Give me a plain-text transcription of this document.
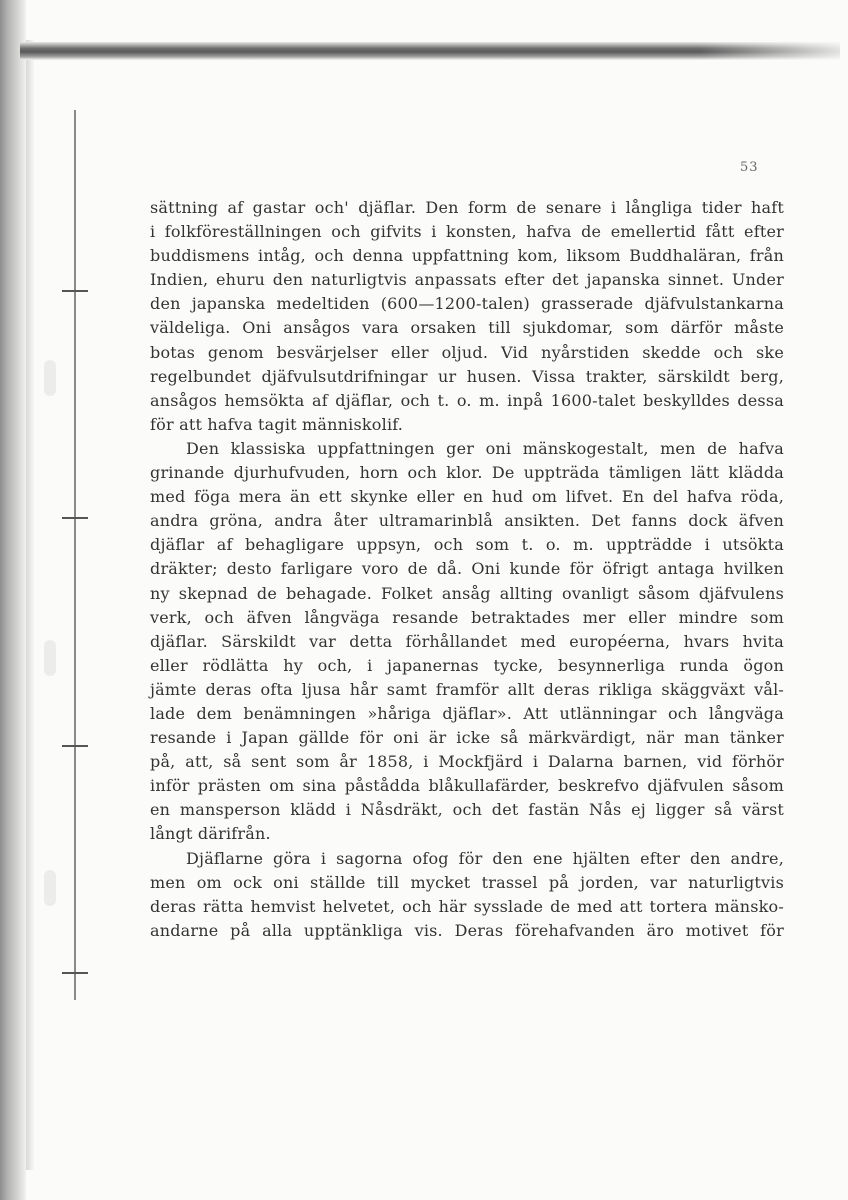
53
sättning af gastar och' djäflar. Den form de senare i långliga tider haft
i folkföreställningen och gifvits i konsten, hafva de emellertid fått efter
buddismens intåg, och denna uppfattning kom, liksom Buddhaläran, från
Indien, ehuru den naturligtvis anpassats efter det japanska sinnet. Under
den japanska medeltiden (600—1200-talen) grasserade djäfvulstankarna
väldeliga. Oni ansågos vara orsaken till sjukdomar, som därför måste
botas genom besvärjelser eller oljud. Vid nyårstiden skedde och ske
regelbundet djäfvulsutdrifningar ur husen. Vissa trakter, särskildt berg,
ansågos hemsökta af djäflar, och t. o. m. inpå 1600-talet beskylldes dessa
för att hafva tagit människolif.
Den klassiska uppfattningen ger oni mänskogestalt, men de hafva
grinande djurhufvuden, horn och klor. De uppträda tämligen lätt klädda
med föga mera än ett skynke eller en hud om lifvet. En del hafva röda,
andra gröna, andra åter ultramarinblå ansikten. Det fanns dock äfven
djäflar af behagligare uppsyn, och som t. o. m. uppträdde i utsökta
dräkter; desto farligare voro de då. Oni kunde för öfrigt antaga hvilken
ny skepnad de behagade. Folket ansåg allting ovanligt såsom djäfvulens
verk, och äfven långväga resande betraktades mer eller mindre som
djäflar. Särskildt var detta förhållandet med européerna, hvars hvita
eller rödlätta hy och, i japanernas tycke, besynnerliga runda ögon
jämte deras ofta ljusa hår samt framför allt deras rikliga skäggväxt vål-
lade dem benämningen »håriga djäflar». Att utlänningar och långväga
resande i Japan gällde för oni är icke så märkvärdigt, när man tänker
på, att, så sent som år 1858, i Mockfjärd i Dalarna barnen, vid förhör
inför prästen om sina påstådda blåkullafärder, beskrefvo djäfvulen såsom
en mansperson klädd i Nåsdräkt, och det fastän Nås ej ligger så värst
långt därifrån.
Djäflarne göra i sagorna ofog för den ene hjälten efter den andre,
men om ock oni ställde till mycket trassel på jorden, var naturligtvis
deras rätta hemvist helvetet, och här sysslade de med att tortera mänsko-
andarne på alla upptänkliga vis. Deras förehafvanden äro motivet för
